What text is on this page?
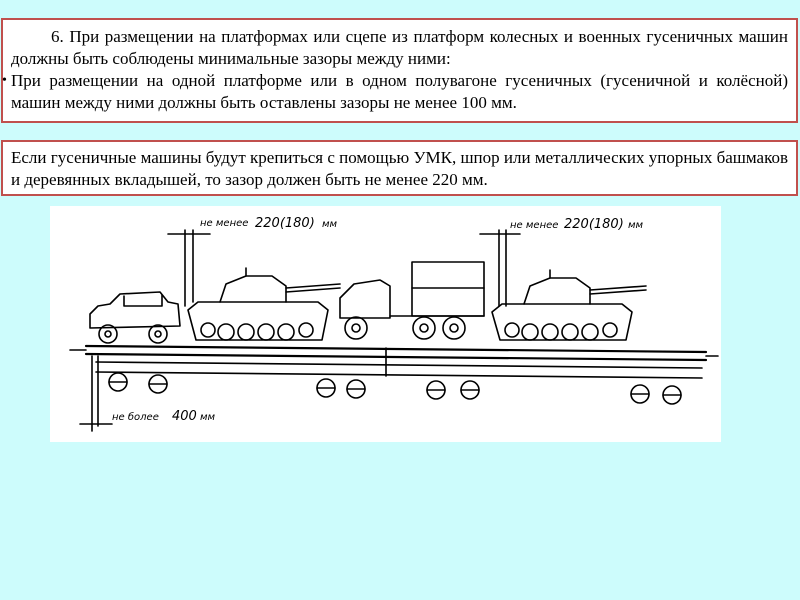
6. При размещении на платформах или сцепе из платформ колесных и военных гусеничных машин должны быть соблюдены минимальные зазоры между ними:

• При размещении на одной платформе или в одном полувагоне гусеничных (гусеничной и колёсной) машин между ними должны быть оставлены зазоры не менее 100 мм.

Если гусеничные машины будут крепиться с помощью УМК, шпор или металлических упорных башмаков и деревянных вкладышей, то зазор должен быть не менее 220 мм.

не менее 220(180) мм	не менее 220(180) мм
не более 400 мм
